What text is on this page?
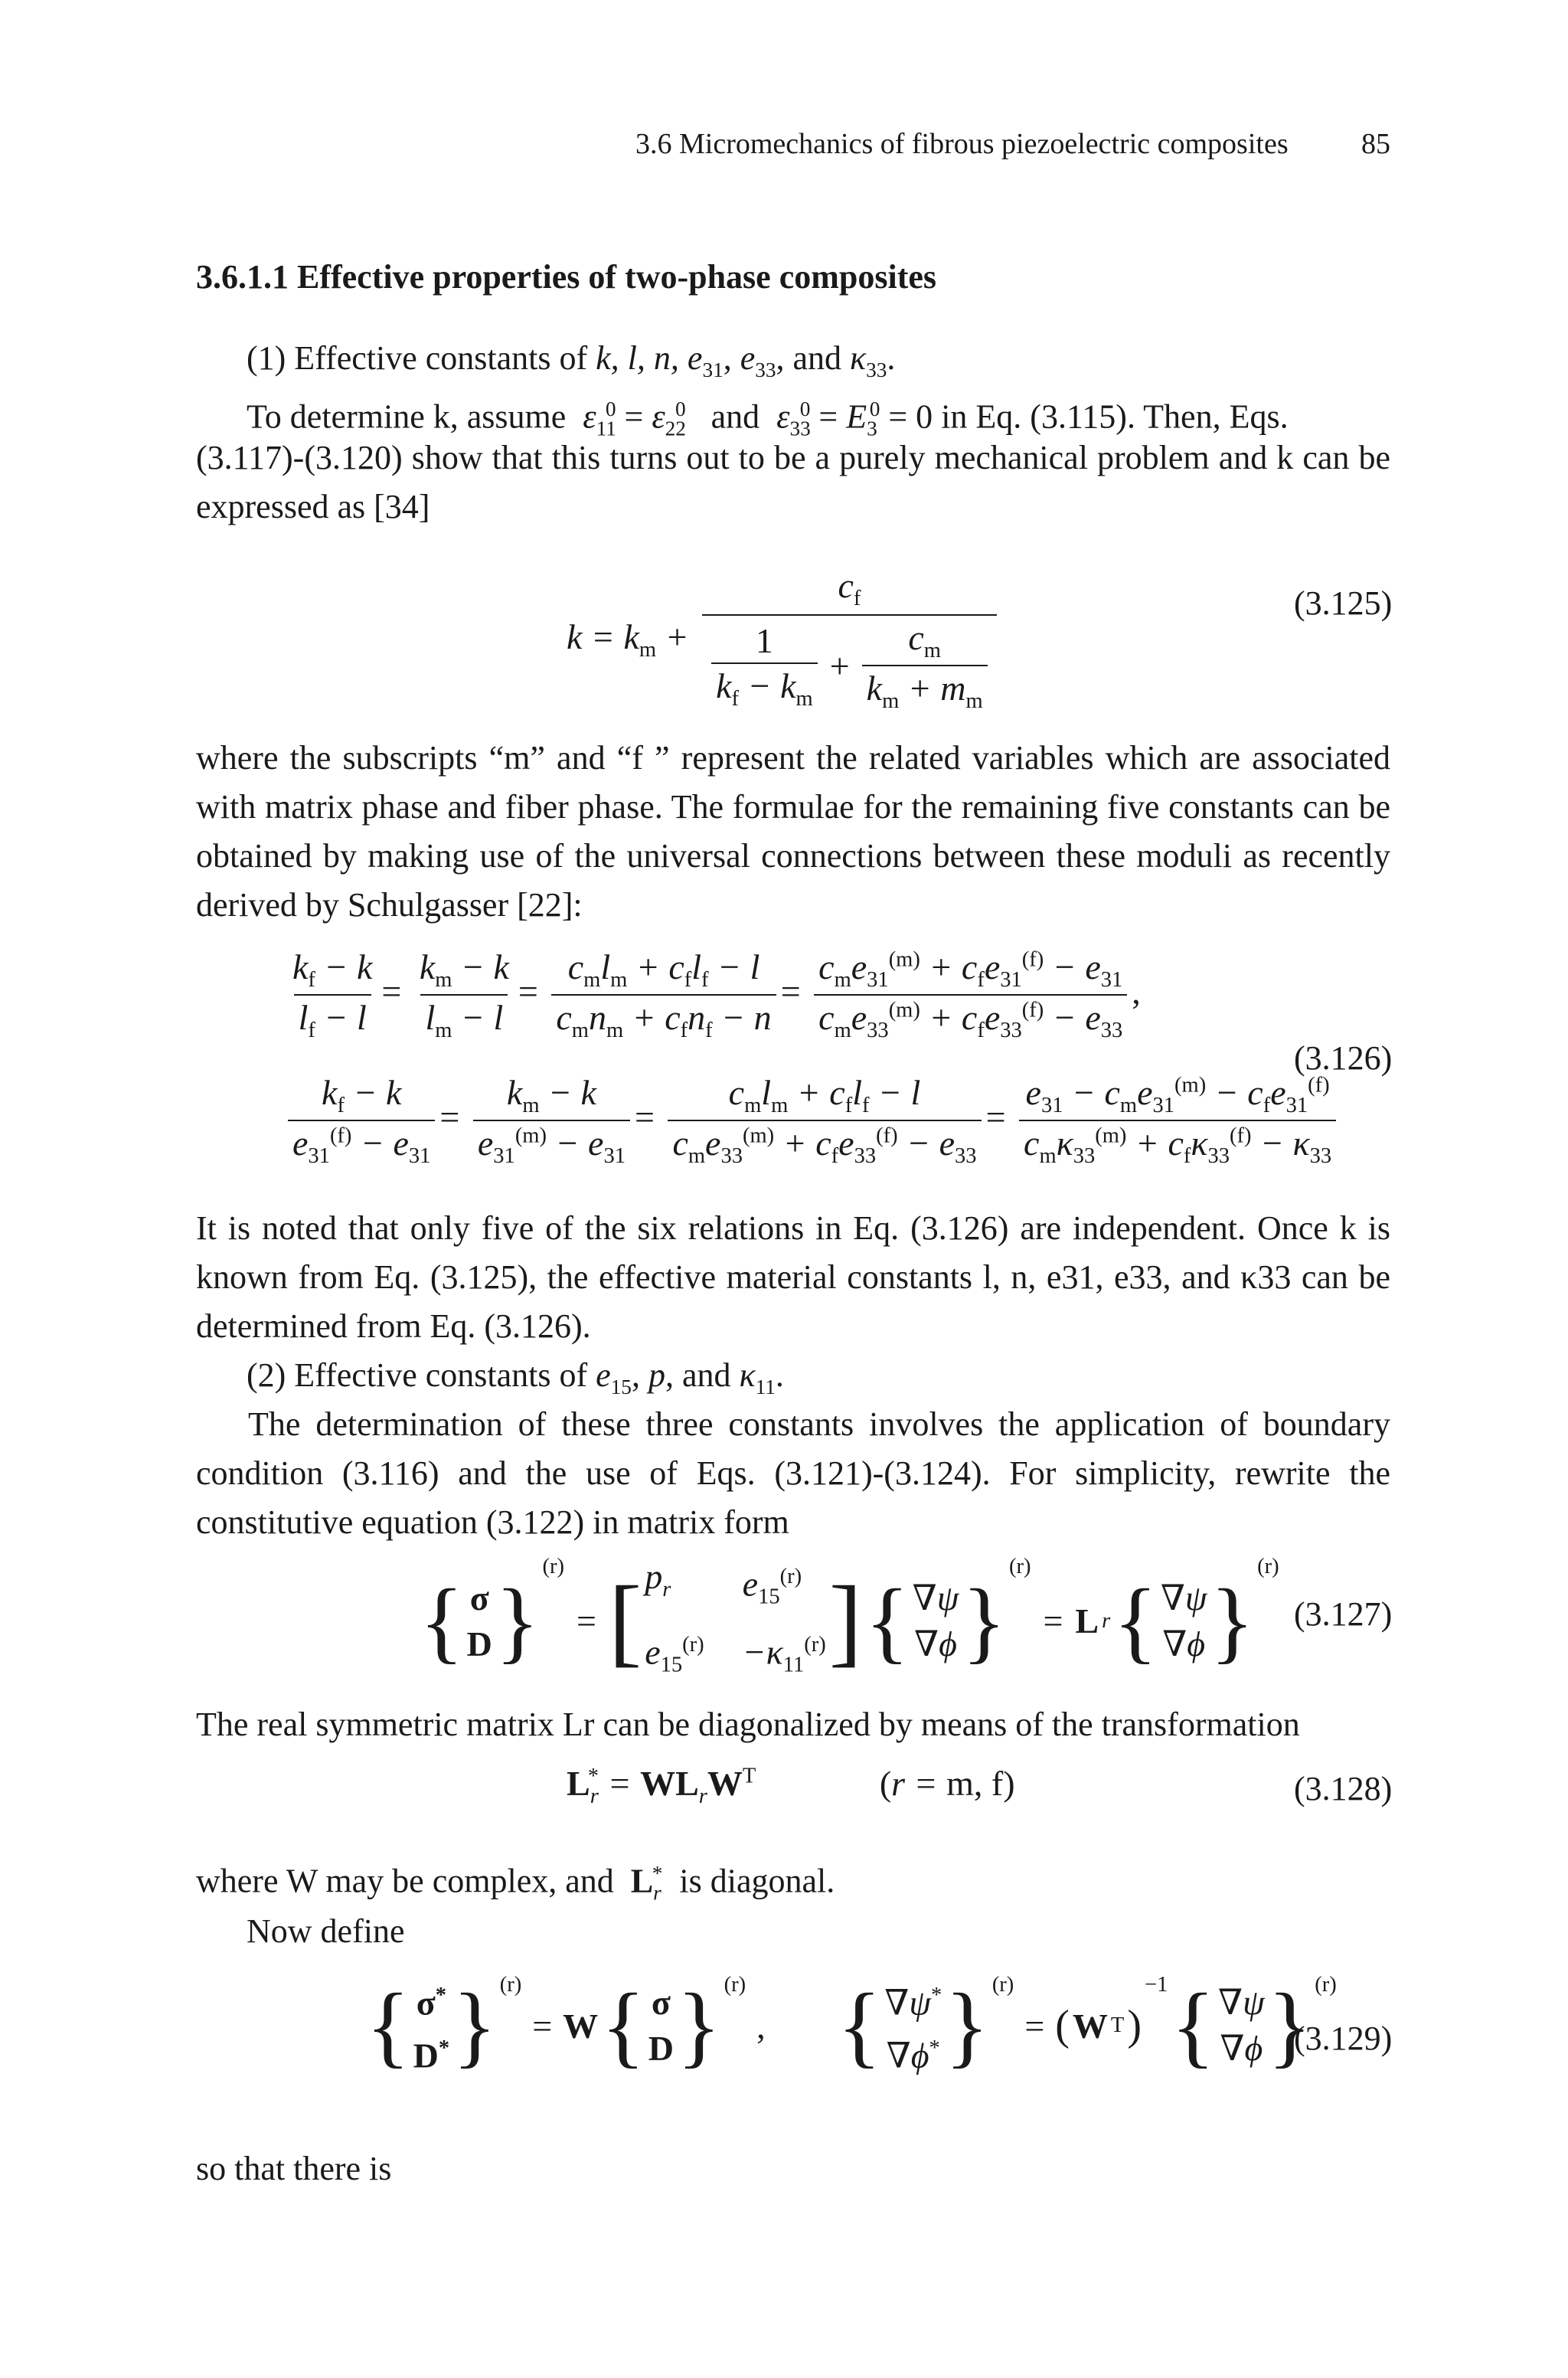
3.6 Micromechanics of fibrous piezoelectric composites	85
3.6.1.1 Effective properties of two-phase composites
(1) Effective constants of k, l, n, $e_{31}$, $e_{33}$, and $\kappa_{33}$.
To determine k, assume $\varepsilon_{11}^0 = \varepsilon_{22}^0$ and $\varepsilon_{33}^0 = E_3^0 = 0$ in Eq. (3.115). Then, Eqs.
(3.117)-(3.120) show that this turns out to be a purely mechanical problem and k can be expressed as [34]
$k = k_m + \frac{c_f}{\frac{1}{k_f - k_m} + \frac{c_m}{k_m + m_m}}$	(3.125)
where the subscripts “m” and “f ” represent the related variables which are associated with matrix phase and fiber phase. The formulae for the remaining five constants can be obtained by making use of the universal connections between these moduli as recently derived by Schulgasser [22]:
$\frac{k_f - k}{l_f - l} = \frac{k_m - k}{l_m - l} = \frac{c_ml_m + c_fl_f - l}{c_mn_m + c_fn_f - n} = \frac{c_me_{31}^{(m)} + c_fe_{31}^{(f)} - e_{31}}{c_me_{33}^{(m)} + c_fe_{33}^{(f)} - e_{33}}$ ,
$\frac{k_f - k}{e_{31}^{(f)} - e_{31}} = \frac{k_m - k}{e_{31}^{(m)} - e_{31}} = \frac{c_ml_m + c_fl_f - l}{c_me_{33}^{(m)} + c_fe_{33}^{(f)} - e_{33}} = \frac{e_{31} - c_me_{31}^{(m)} - c_fe_{31}^{(f)}}{c_m\kappa_{33}^{(m)} + c_f\kappa_{33}^{(f)} - \kappa_{33}}$
(3.126)
It is noted that only five of the six relations in Eq. (3.126) are independent. Once k is known from Eq. (3.125), the effective material constants l, n, e31, e33, and κ33 can be determined from Eq. (3.126).
(2) Effective constants of $e_{15}$, p, and $\kappa_{11}$.
The determination of these three constants involves the application of boundary condition (3.116) and the use of Eqs. (3.121)-(3.124). For simplicity, rewrite the constitutive equation (3.122) in matrix form
{ σ
D }
$^{(r)}$
= [ $p_r$	$e_{15}^{(r)}$
$e_{15}^{(r)} -\kappa_{11}^{(r)}$ ] { ∇ψ
∇ϕ }
$^{(r)}$
= L r { ∇ψ
∇ϕ }
$^{(r)}$
(3.127)
The real symmetric matrix Lr can be diagonalized by means of the transformation
$L_r^* = WL_rW^T$	(r = m, f)	(3.128)
where W may be complex, and $L_r^*$ is diagonal.
Now define
{ σ*
D* }$^{(r)}$
= W { σ
D }$^{(r)}$
, { ∇ψ*
∇ϕ* }$^{(r)}$
= ( W T )
−1 { ∇ψ
∇ϕ }$^{(r)}$
(3.129)
so that there is
